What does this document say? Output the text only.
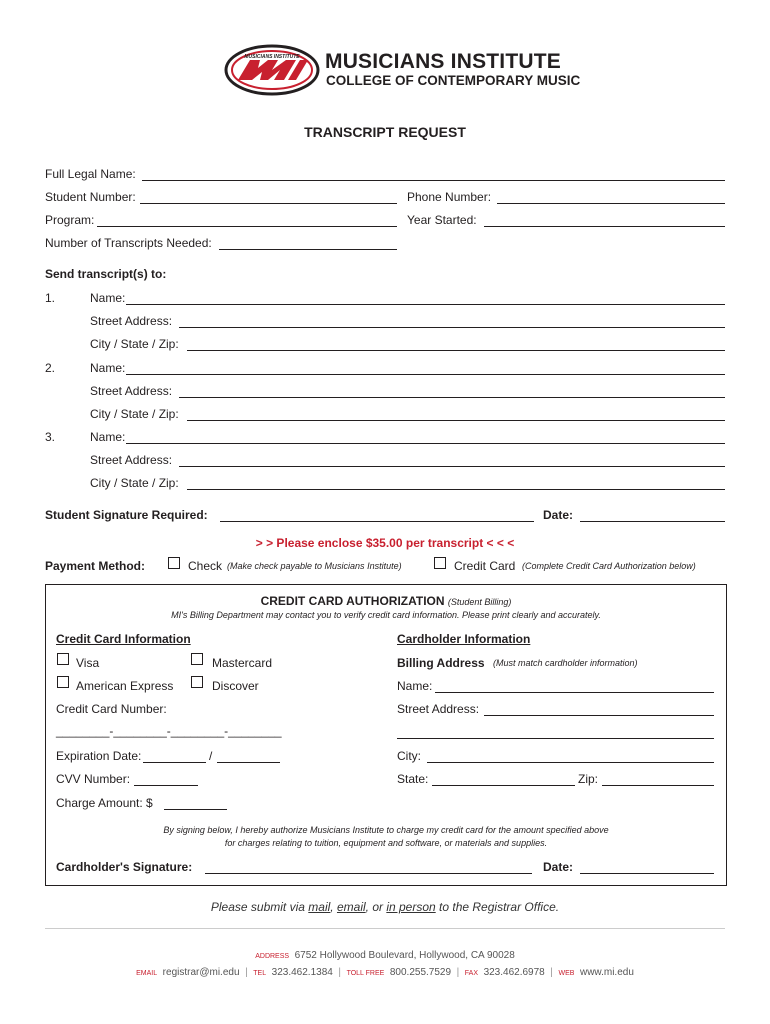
MUSICIANS INSTITUTE MUSICIANS INSTITUTE
COLLEGE OF CONTEMPORARY MUSIC
TRANSCRIPT REQUEST
Full Legal Name:
Student Number:	Phone Number:
Program:	Year Started:
Number of Transcripts Needed:
Send transcript(s) to:
1.	Name:
Street Address:
City / State / Zip:
2.	Name:
Street Address:
City / State / Zip:
3.	Name:
Street Address:
City / State / Zip:
Student Signature Required:	Date:
> > Please enclose $35.00 per transcript < < <
Payment Method:	Check (Make check payable to Musicians Institute)	Credit Card (Complete Credit Card Authorization below)
CREDIT CARD AUTHORIZATION (Student Billing)
MI's Billing Department may contact you to verify credit card information. Please print clearly and accurately.
Credit Card Information	Cardholder Information
Visa	Mastercard	Billing Address (Must match cardholder information)
American Express	Discover	Name:
Credit Card Number:	Street Address:
________-________-________-________
Expiration Date:	/	City:
CVV Number:	State:	Zip:
Charge Amount: $
By signing below, I hereby authorize Musicians Institute to charge my credit card for the amount specified above
for charges relating to tuition, equipment and software, or materials and supplies.
Cardholder's Signature:	Date:
Please submit via mail, email, or in person to the Registrar Office.
ADDRESS 6752 Hollywood Boulevard, Hollywood, CA 90028
EMAIL registrar@mi.edu | TEL 323.462.1384 | TOLL FREE 800.255.7529 | FAX 323.462.6978 | WEB www.mi.edu
